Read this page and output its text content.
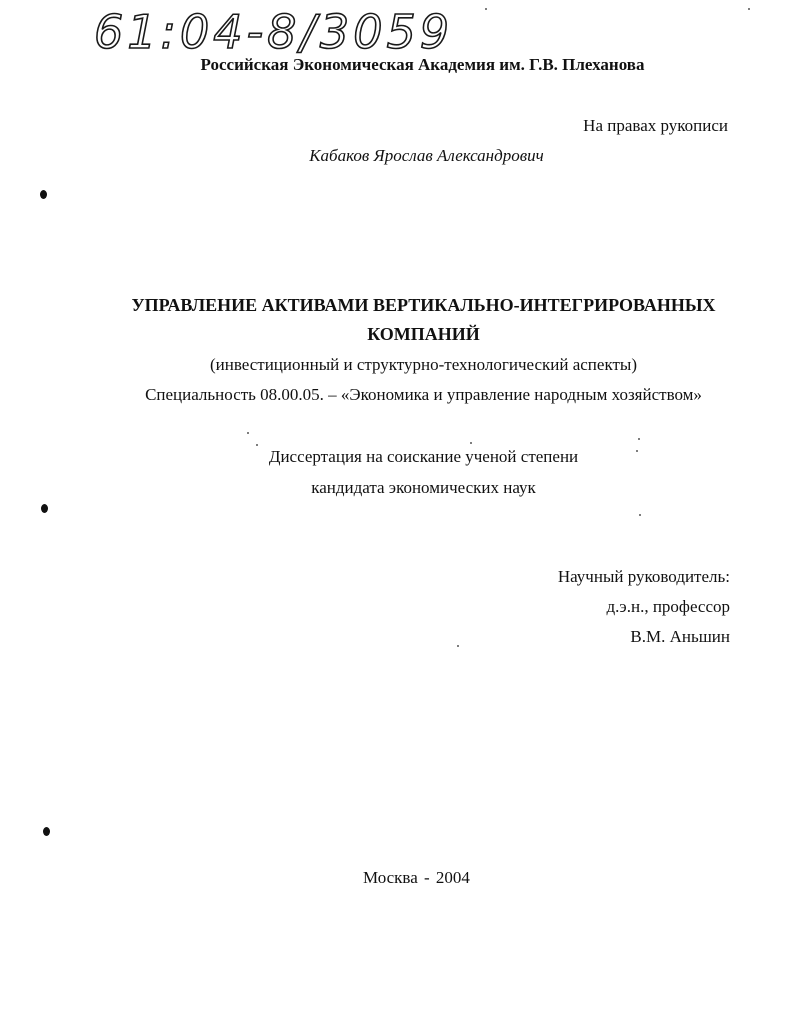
61:04-8/3059
Российская Экономическая Академия им. Г.В. Плеханова
На правах рукописи
Кабаков Ярослав Александрович
УПРАВЛЕНИЕ АКТИВАМИ ВЕРТИКАЛЬНО-ИНТЕГРИРОВАННЫХ
КОМПАНИЙ
(инвестиционный и структурно-технологический аспекты)
Специальность 08.00.05. – «Экономика и управление народным хозяйством»
Диссертация на соискание ученой степени
кандидата экономических наук
Научный руководитель:
д.э.н., профессор
В.М. Аньшин
Москва - 2004
